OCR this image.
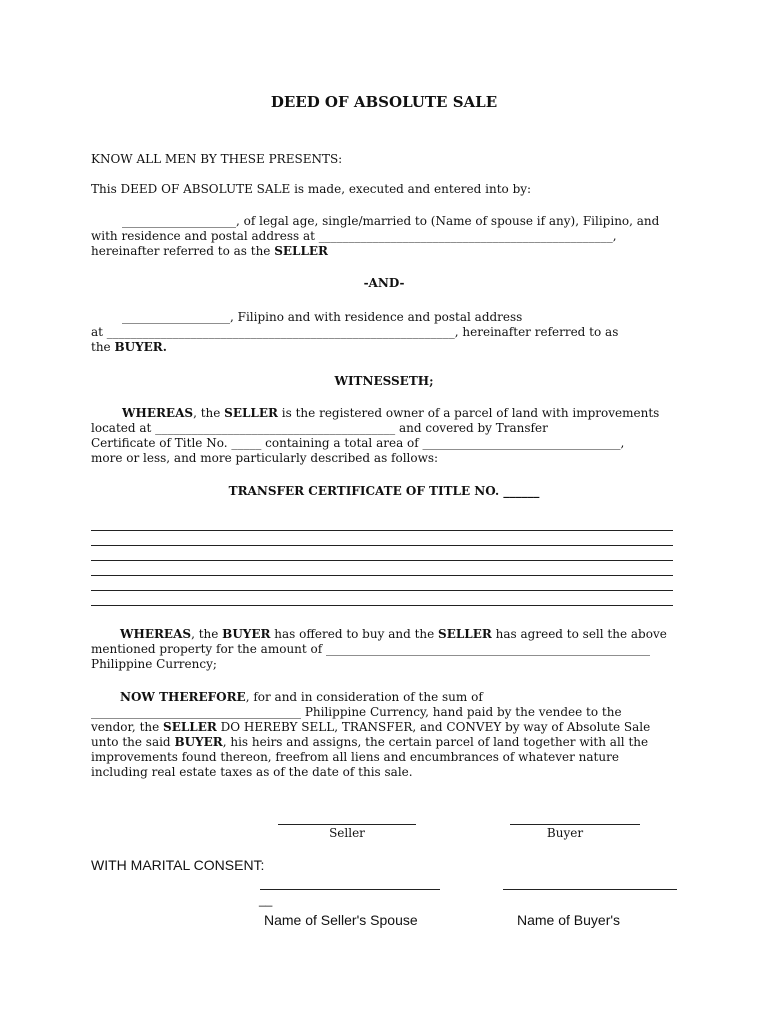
DEED OF ABSOLUTE SALE
KNOW ALL MEN BY THESE PRESENTS:
This DEED OF ABSOLUTE SALE is made, executed and entered into by:
___________________, of legal age, single/married to (Name of spouse if any), Filipino, and
with residence and postal address at _________________________________________________,
hereinafter referred to as the SELLER
-AND-
__________________, Filipino and with residence and postal address
at __________________________________________________________, hereinafter referred to as
the BUYER.
WITNESSETH;
WHEREAS, the SELLER is the registered owner of a parcel of land with improvements
located at ________________________________________ and covered by Transfer
Certificate of Title No. _____ containing a total area of _________________________________,
more or less, and more particularly described as follows:
TRANSFER CERTIFICATE OF TITLE NO. ______
WHEREAS, the BUYER has offered to buy and the SELLER has agreed to sell the above
mentioned property for the amount of ______________________________________________________
Philippine Currency;
NOW THEREFORE, for and in consideration of the sum of
___________________________________ Philippine Currency, hand paid by the vendee to the
vendor, the SELLER DO HEREBY SELL, TRANSFER, and CONVEY by way of Absolute Sale
unto the said BUYER, his heirs and assigns, the certain parcel of land together with all the
improvements found thereon, freefrom all liens and encumbrances of whatever nature
including real estate taxes as of the date of this sale.
Seller	Buyer
WITH MARITAL CONSENT:
__
Name of Seller's Spouse	Name of Buyer's
